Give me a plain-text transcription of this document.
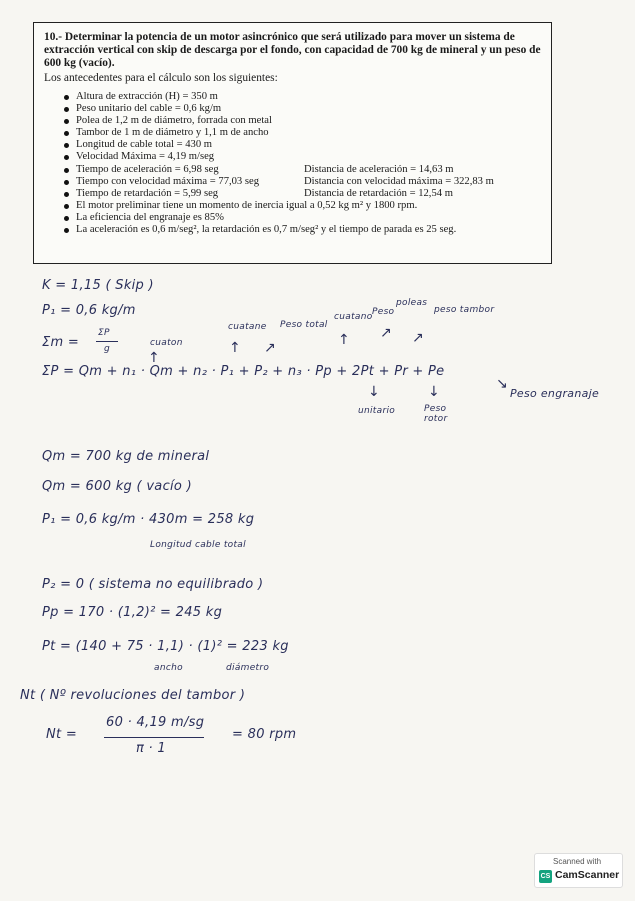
10.- Determinar la potencia de un motor asincrónico que será utilizado para mover un sistema de extracción vertical con skip de descarga por el fondo, con capacidad de 700 kg de mineral y un peso de 600 kg (vacío).

Los antecedentes para el cálculo son los siguientes:

Altura de extracción (H) = 350 m
Peso unitario del cable = 0,6 kg/m
Polea de 1,2 m de diámetro, forrada con metal
Tambor de 1 m de diámetro y 1,1 m de ancho
Longitud de cable total = 430 m
Velocidad Máxima = 4,19 m/seg
Tiempo de aceleración = 6,98 seg	Distancia de aceleración = 14,63 m
Tiempo con velocidad máxima = 77,03 seg	Distancia con velocidad máxima = 322,83 m
Tiempo de retardación = 5,99 seg	Distancia de retardación = 12,54 m
El motor preliminar tiene un momento de inercia igual a 0,52 kg m² y 1800 rpm.
La eficiencia del engranaje es 85%
La aceleración es 0,6 m/seg², la retardación es 0,7 m/seg² y el tiempo de parada es 25 seg.
K = 1,15 ( Skip )
P₁ = 0,6 kg/m
Σm =
ΣP
g
cuaton
cuatane Peso total
cuatano Peso
poleas
peso tambor
↑
↑ ↗	↑ ↗ ↗
ΣP = Qm + n₁ · Qm + n₂ · P₁ + P₂ + n₃ · Pp + 2Pt + Pr + Pe
↘
Peso engranaje
↓	↓
unitario	Peso rotor
Qm = 700 kg de mineral
Qm = 600 kg ( vacío )
P₁ = 0,6 kg/m · 430m = 258 kg
Longitud cable total
P₂ = 0 ( sistema no equilibrado )
Pp = 170 · (1,2)² = 245 kg
Pt = (140 + 75 · 1,1) · (1)² = 223 kg
ancho	diámetro
Nt ( Nº revoluciones del tambor )
Nt =
60 · 4,19 m/sg
π · 1
= 80 rpm
Scanned with
CS CamScanner
